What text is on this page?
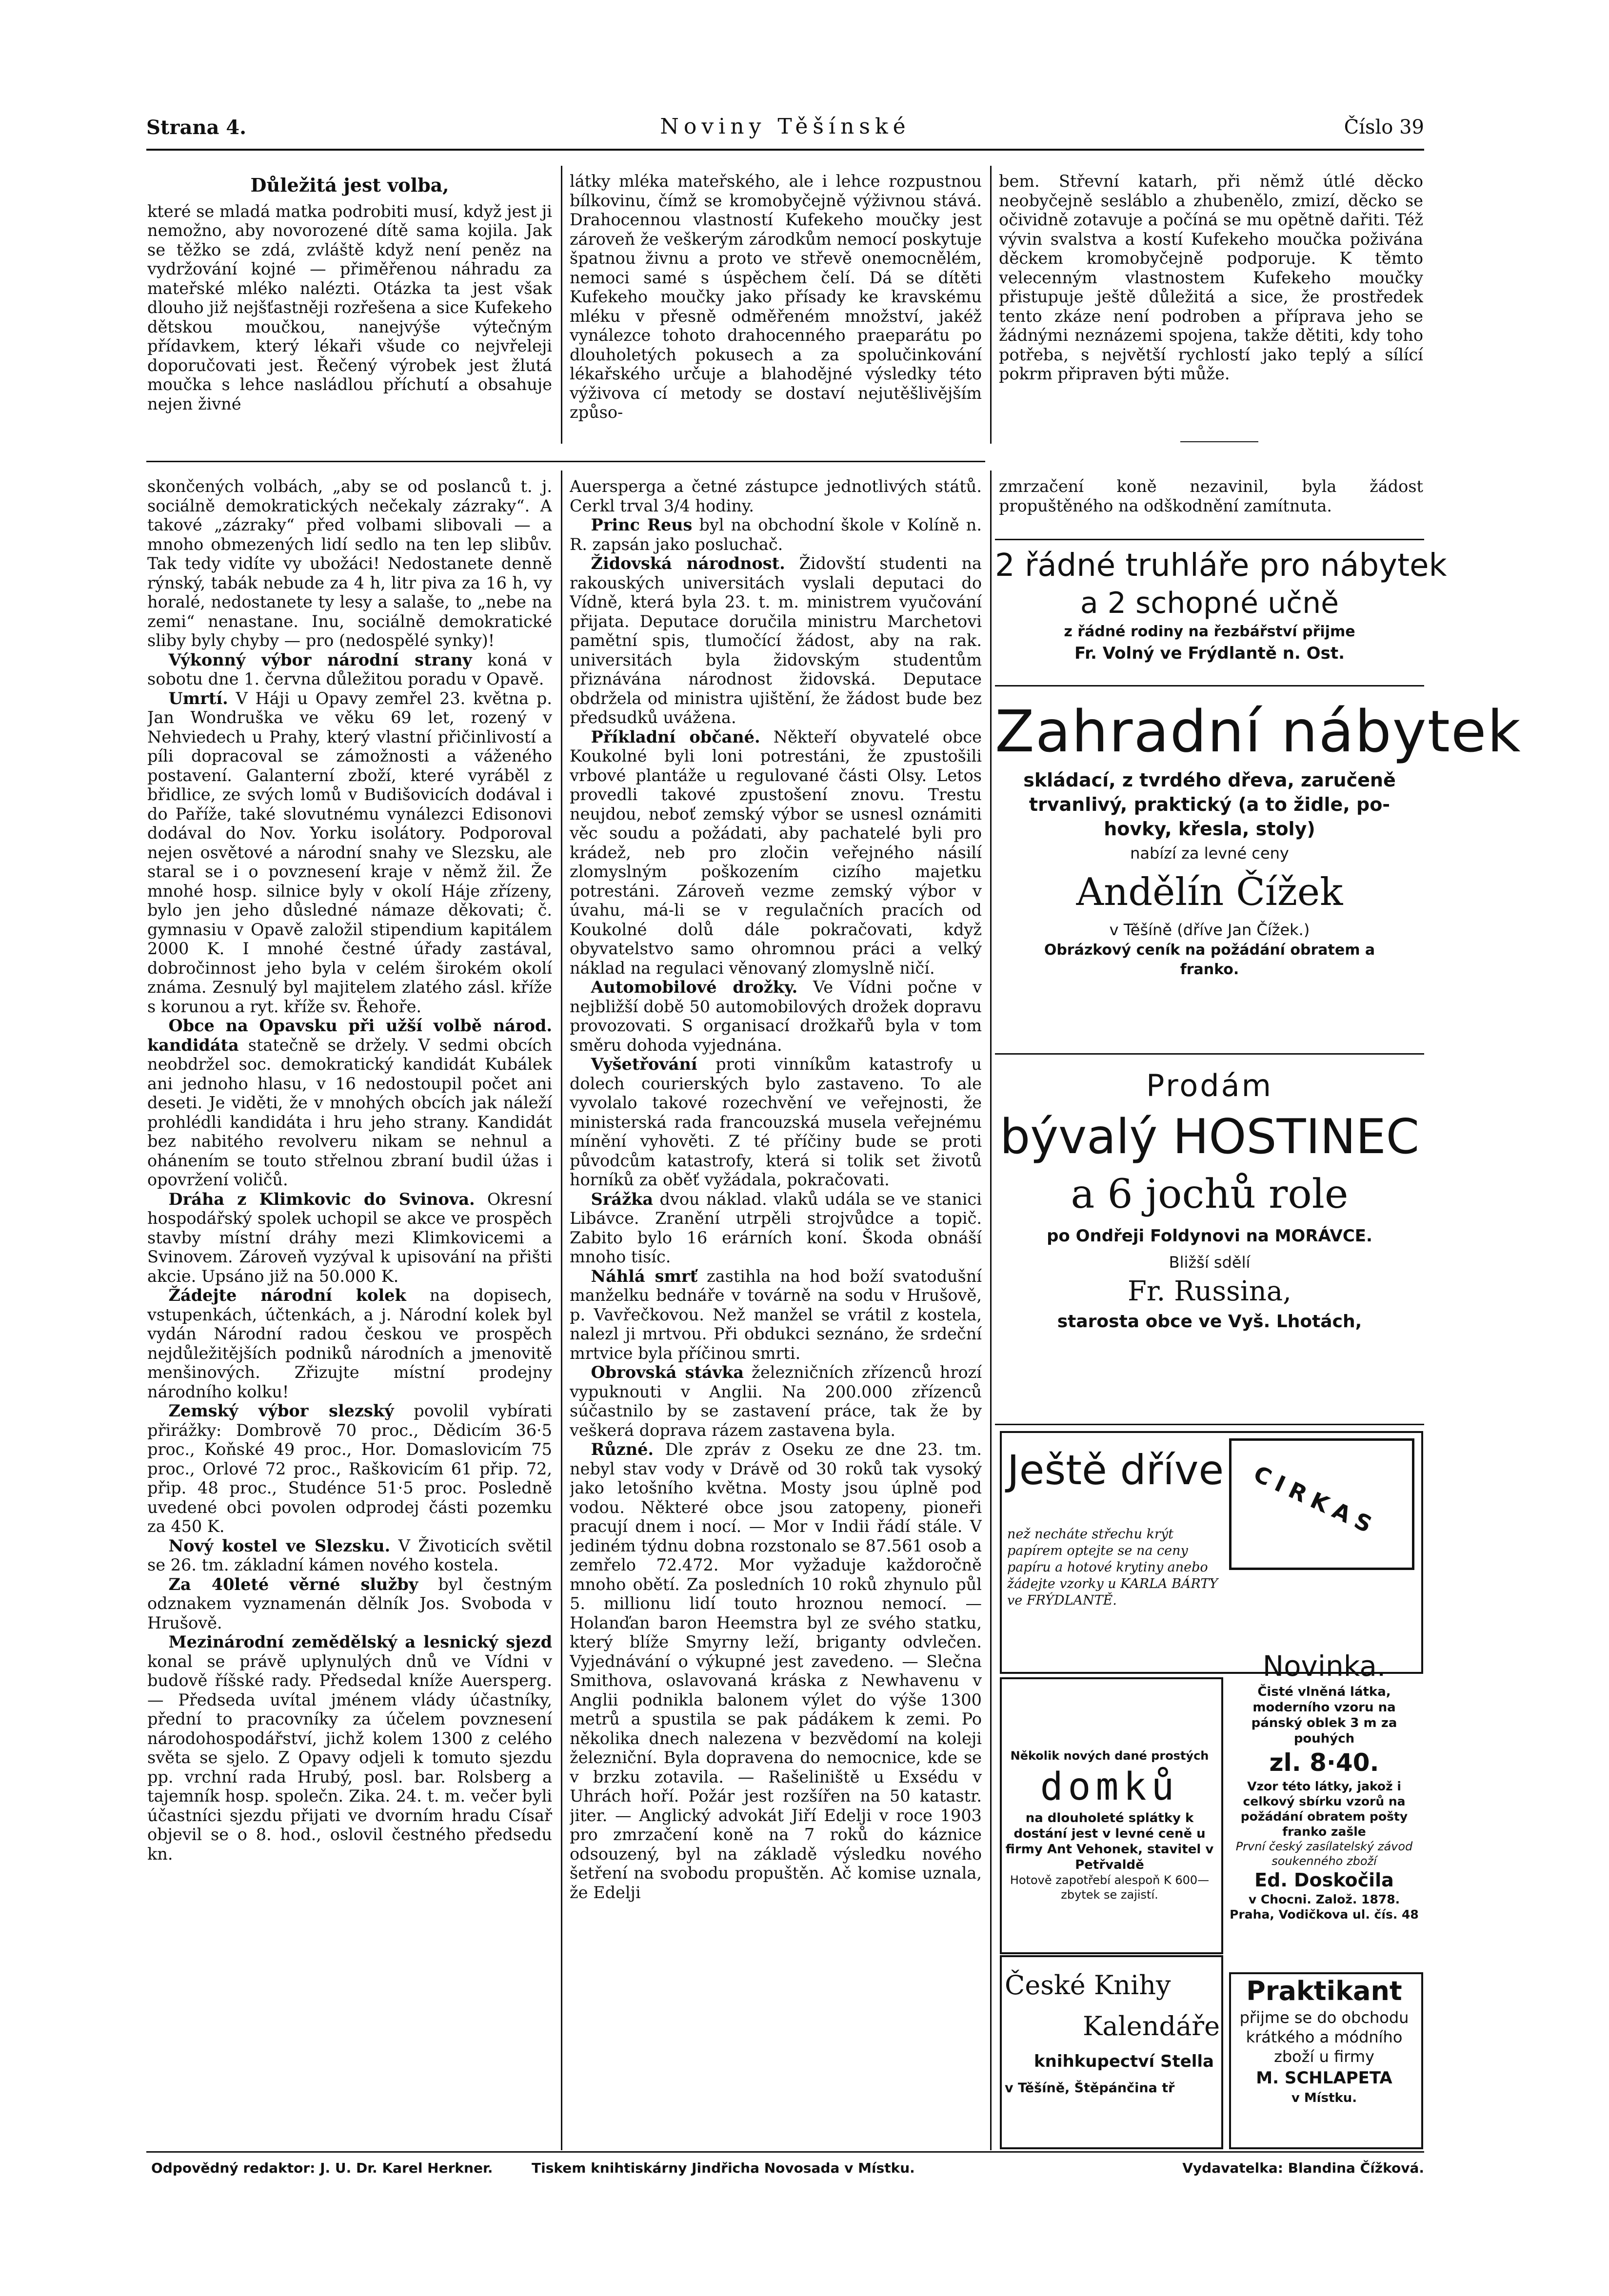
Strana 4.	Noviny Těšínské	Číslo 39

Důležitá jest volba,

které se mladá matka podrobiti musí, když jest ji nemožno, aby novorozené dítě sama kojila. Jak se těžko se zdá, zvláště když není peněz na vydržování kojné — přiměřenou náhradu za mateřské mléko nalézti. Otázka ta jest však dlouho již nejšťastněji rozřešena a sice Kufekeho dětskou moučkou, nanejvýše výtečným přídavkem, který lékaři všude co nejvřeleji doporučovati jest. Řečený výrobek jest žlutá moučka s lehce nasládlou příchutí a obsahuje nejen živné

látky mléka mateřského, ale i lehce rozpustnou bílkovinu, čímž se kromobyčejně výživnou stává. Drahocennou vlastností Kufekeho moučky jest zároveň že veškerým zárodkům nemocí poskytuje špatnou živnu a proto ve střevě onemocnělém, nemoci samé s úspěchem čelí. Dá se dítěti Kufekeho moučky jako přísady ke kravskému mléku v přesně odměřeném množství, jakéž vynálezce tohoto drahocenného praeparátu po dlouholetých pokusech a za spolučinkování lékařského určuje a blahodějné výsledky této výživova cí metody se dostaví nejutěšlivějším způso-

bem. Střevní katarh, při němž útlé děcko neobyčejně sesláblo a zhubenělo, zmizí, děcko se očividně zotavuje a počíná se mu opětně dařiti. Též vývin svalstva a kostí Kufekeho moučka poživána děckem kromobyčejně podporuje. K těmto velecenným vlastnostem Kufekeho moučky přistupuje ještě důležitá a sice, že prostředek tento zkáze není podroben a příprava jeho se žádnými neznázemi spojena, takže dětiti, kdy toho potřeba, s největší rychlostí jako teplý a sílící pokrm připraven býti může.

skončených volbách, „aby se od poslanců t. j. sociálně demokratických nečekaly zázraky“. A takové „zázraky“ před volbami slibovali — a mnoho obmezených lidí sedlo na ten lep slibův. Tak tedy vidíte vy ubožáci! Nedostanete denně rýnský, tabák nebude za 4 h, litr piva za 16 h, vy horalé, nedostanete ty lesy a salaše, to „nebe na zemi“ nenastane. Inu, sociálně demokratické sliby byly chyby — pro (nedospělé synky)!

Výkonný výbor národní strany koná v sobotu dne 1. června důležitou poradu v Opavě.

Umrtí. V Háji u Opavy zemřel 23. května p. Jan Wondruška ve věku 69 let, rozený v Nehviedech u Prahy, který vlastní přičinlivostí a píli dopracoval se zámožnosti a váženého postavení. Galanterní zboží, které vyráběl z břidlice, ze svých lomů v Budišovicích dodával i do Paříže, také slovutnému vynálezci Edisonovi dodával do Nov. Yorku isolátory. Podporoval nejen osvětové a národní snahy ve Slezsku, ale staral se i o povznesení kraje v němž žil. Že mnohé hosp. silnice byly v okolí Háje zřízeny, bylo jen jeho důsledné námaze děkovati; č. gymnasiu v Opavě založil stipendium kapitálem 2000 K. I mnohé čestné úřady zastával, dobročinnost jeho byla v celém širokém okolí známa. Zesnulý byl majitelem zlatého zásl. kříže s korunou a ryt. kříže sv. Řehoře.

Obce na Opavsku při užší volbě národ. kandidáta statečně se držely. V sedmi obcích neobdržel soc. demokratický kandidát Kubálek ani jednoho hlasu, v 16 nedostoupil počet ani deseti. Je viděti, že v mnohých obcích jak náleží prohlédli kandidáta i hru jeho strany. Kandidát bez nabitého revolveru nikam se nehnul a ohánením se touto střelnou zbraní budil úžas i opovržení voličů.

Dráha z Klimkovic do Svinova. Okresní hospodářský spolek uchopil se akce ve prospěch stavby místní dráhy mezi Klimkovicemi a Svinovem. Zároveň vyzýval k upisování na přišti akcie. Upsáno již na 50.000 K.

Žádejte národní kolek na dopisech, vstupenkách, účtenkách, a j. Národní kolek byl vydán Národní radou českou ve prospěch nejdůležitějších podniků národních a jmenovitě menšinových. Zřizujte místní prodejny národního kolku!

Zemský výbor slezský povolil vybírati přirážky: Dombrově 70 proc., Dědicím 36·5 proc., Koňské 49 proc., Hor. Domaslovicím 75 proc., Orlové 72 proc., Raškovicím 61 přip. 72, přip. 48 proc., Studénce 51·5 proc. Posledně uvedené obci povolen odprodej části pozemku za 450 K.

Nový kostel ve Slezsku. V Životicích světil se 26. tm. základní kámen nového kostela.

Za 40leté věrné služby byl čestným odznakem vyznamenán dělník Jos. Svoboda v Hrušově.

Mezinárodní zemědělský a lesnický sjezd konal se právě uplynulých dnů ve Vídni v budově říšské rady. Předsedal kníže Auersperg. — Předseda uvítal jménem vlády účastníky, přední to pracovníky za účelem povznesení národohospodářství, jichž kolem 1300 z celého světa se sjelo. Z Opavy odjeli k tomuto sjezdu pp. vrchní rada Hrubý, posl. bar. Rolsberg a tajemník hosp. společn. Zika. 24. t. m. večer byli účastníci sjezdu přijati ve dvorním hradu Císař objevil se o 8. hod., oslovil čestného předsedu kn.

Auersperga a četné zástupce jednotlivých států. Cerkl trval 3/4 hodiny.

Princ Reus byl na obchodní škole v Kolíně n. R. zapsán jako posluchač.

Židovská národnost. Židovští studenti na rakouských universitách vyslali deputaci do Vídně, která byla 23. t. m. ministrem vyučování přijata. Deputace doručila ministru Marchetovi pamětní spis, tlumočící žádost, aby na rak. universitách byla židovským studentům přiznávána národnost židovská. Deputace obdržela od ministra ujištění, že žádost bude bez předsudků uvážena.

Příkladní občané. Někteří obyvatelé obce Koukolné byli loni potrestáni, že zpustošili vrbové plantáže u regulované části Olsy. Letos provedli takové zpustošení znovu. Trestu neujdou, neboť zemský výbor se usnesl oznámiti věc soudu a požádati, aby pachatelé byli pro krádež, neb pro zločin veřejného násilí zlomyslným poškozením cizího majetku potrestáni. Zároveň vezme zemský výbor v úvahu, má-li se v regulačních pracích od Koukolné dolů dále pokračovati, když obyvatelstvo samo ohromnou práci a velký náklad na regulaci věnovaný zlomyslně ničí.

Automobilové drožky. Ve Vídni počne v nejbližší době 50 automobilových drožek dopravu provozovati. S organisací drožkařů byla v tom směru dohoda vyjednána.

Vyšetřování proti vinníkům katastrofy u dolech courierských bylo zastaveno. To ale vyvolalo takové rozechvění ve veřejnosti, že ministerská rada francouzská musela veřejnému mínění vyhověti. Z té příčiny bude se proti původcům katastrofy, která si tolik set životů horníků za oběť vyžádala, pokračovati.

Srážka dvou náklad. vlaků udála se ve stanici Libávce. Zranění utrpěli strojvůdce a topič. Zabito bylo 16 erárních koní. Škoda obnáší mnoho tisíc.

Náhlá smrť zastihla na hod boží svatodušní manželku bednáře v továrně na sodu v Hrušově, p. Vavřečkovou. Než manžel se vrátil z kostela, nalezl ji mrtvou. Při obdukci seznáno, že srdeční mrtvice byla příčinou smrti.

Obrovská stávka železničních zřízenců hrozí vypuknouti v Anglii. Na 200.000 zřízenců súčastnilo by se zastavení práce, tak že by veškerá doprava rázem zastavena byla.

Různé. Dle zpráv z Oseku ze dne 23. tm. nebyl stav vody v Drávě od 30 roků tak vysoký jako letošního května. Mosty jsou úplně pod vodou. Některé obce jsou zatopeny, pioneři pracují dnem i nocí. — Mor v Indii řádí stále. V jediném týdnu dobna rozstonalo se 87.561 osob a zemřelo 72.472. Mor vyžaduje každoročně mnoho obětí. Za posledních 10 roků zhynulo půl 5. millionu lidí touto hroznou nemocí. — Holanďan baron Heemstra byl ze svého statku, který blíže Smyrny leží, briganty odvlečen. Vyjednávání o výkupné jest zavedeno. — Slečna Smithova, oslavovaná kráska z Newhavenu v Anglii podnikla balonem výlet do výše 1300 metrů a spustila se pak pádákem k zemi. Po několika dnech nalezena v bezvědomí na koleji železniční. Byla dopravena do nemocnice, kde se v brzku zotavila. — Rašeliniště u Exsédu v Uhrách hoří. Požár jest rozšířen na 50 katastr. jiter. — Anglický advokát Jiří Edelji v roce 1903 pro zmrzačení koně na 7 roků do káznice odsouzený, byl na základě výsledku nového šetření na svobodu propuštěn. Ač komise uznala, že Edelji

zmrzačení koně nezavinil, byla žádost propuštěného na odškodnění zamítnuta.

2 řádné truhláře pro nábytek
a 2 schopné učně
z řádné rodiny na řezbářství přijme
Fr. Volný ve Frýdlantě n. Ost.
Zahradní nábytek
skládací, z tvrdého dřeva, zaručeně
trvanlivý, praktický (a to židle, po-
hovky, křesla, stoly)
nabízí za levné ceny
Andělín Čížek
v Těšíně (dříve Jan Čížek.)
Obrázkový ceník na požádání obratem a
franko.
Prodám
bývalý HOSTINEC
a 6 jochů role
po Ondřeji Foldynovi na MORÁVCE.
Bližší sdělí
Fr. Russina,
starosta obce ve Vyš. Lhotách,
Ještě dříve
než necháte střechu krýt papírem optejte se na ceny papíru a hotové krytiny anebo žádejte vzorky u KARLA BÁRTY ve FRÝDLANTĚ.
CIRKAS
Novinka.
Čisté vlněná látka, moderního vzoru na pánský oblek 3 m za pouhých
zl. 8·40.
Vzor této látky, jakož i celkový sbírku vzorů na požádání obratem pošty franko zašle
První český zasílatelský závod soukenného zboží
Ed. Doskočila
v Chocni. Založ. 1878. Praha, Vodičkova ul. čís. 48
Několik nových dané prostých
domků
na dlouholeté splátky k dostání jest v levné ceně u firmy Ant Vehonek, stavitel v Petřvaldě
Hotově zapotřebí alespoň K 600— zbytek se zajistí.
České Knihy
Kalendáře
knihkupectví Stella
v Těšíně, Štěpánčina tř
Praktikant
přijme se do obchodu krátkého a módního zboží u firmy
M. SCHLAPETA
v Místku.
Odpovědný redaktor: J. U. Dr. Karel Herkner.	Tiskem knihtiskárny Jindřicha Novosada v Místku.	Vydavatelka: Blandina Čížková.
